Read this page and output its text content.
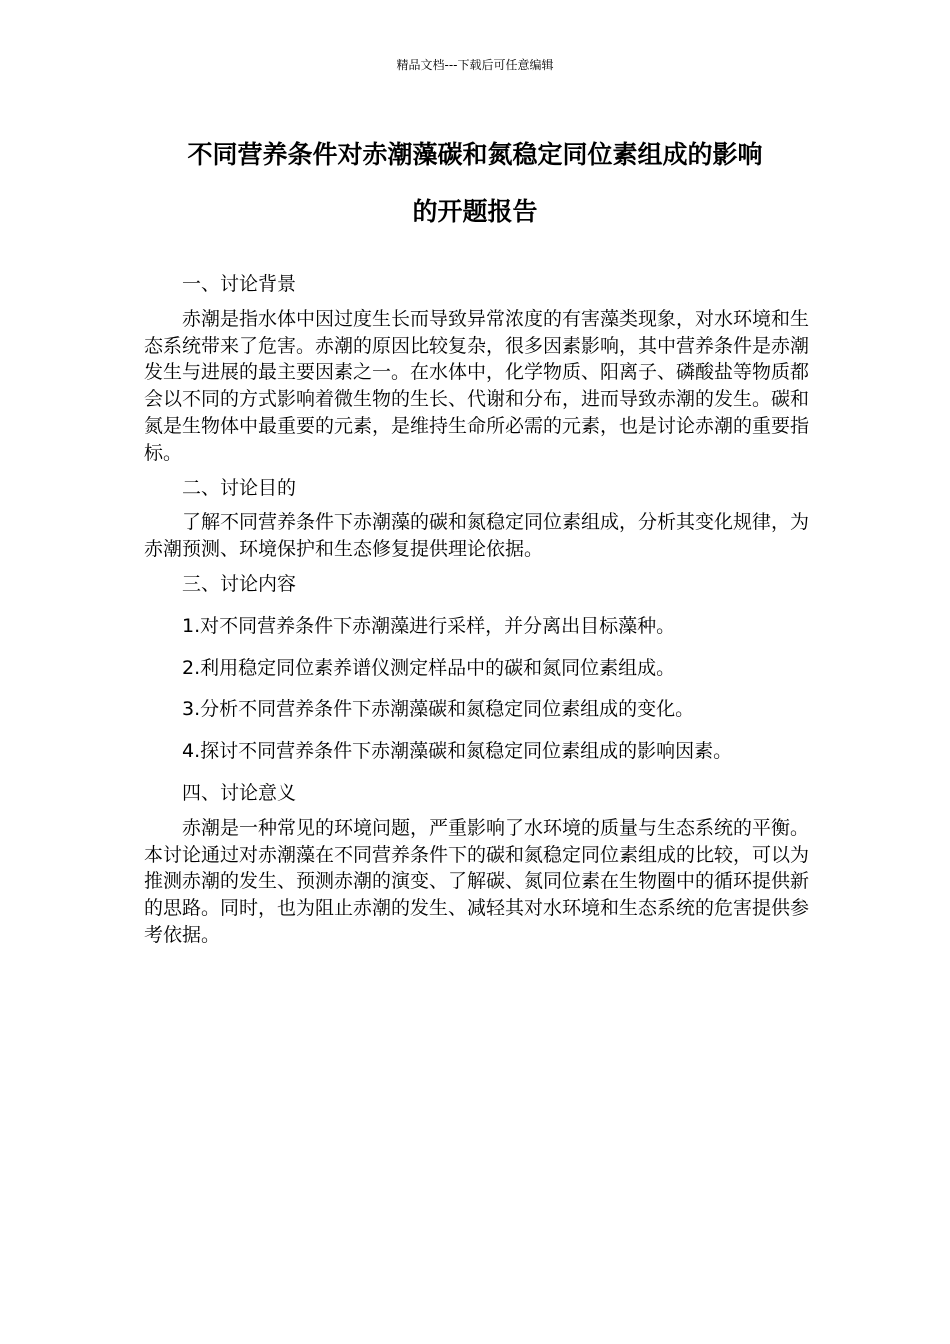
精品文档---下载后可任意编辑
不同营养条件对赤潮藻碳和氮稳定同位素组成的影响
的开题报告

一、讨论背景

赤潮是指水体中因过度生长而导致异常浓度的有害藻类现象，对水环境和生态系统带来了危害。赤潮的原因比较复杂，很多因素影响，其中营养条件是赤潮发生与进展的最主要因素之一。在水体中，化学物质、阳离子、磷酸盐等物质都会以不同的方式影响着微生物的生长、代谢和分布，进而导致赤潮的发生。碳和氮是生物体中最重要的元素，是维持生命所必需的元素，也是讨论赤潮的重要指标。

二、讨论目的

了解不同营养条件下赤潮藻的碳和氮稳定同位素组成，分析其变化规律，为赤潮预测、环境保护和生态修复提供理论依据。

三、讨论内容

1.对不同营养条件下赤潮藻进行采样，并分离出目标藻种。

2.利用稳定同位素养谱仪测定样品中的碳和氮同位素组成。

3.分析不同营养条件下赤潮藻碳和氮稳定同位素组成的变化。

4.探讨不同营养条件下赤潮藻碳和氮稳定同位素组成的影响因素。

四、讨论意义

赤潮是一种常见的环境问题，严重影响了水环境的质量与生态系统的平衡。本讨论通过对赤潮藻在不同营养条件下的碳和氮稳定同位素组成的比较，可以为推测赤潮的发生、预测赤潮的演变、了解碳、氮同位素在生物圈中的循环提供新的思路。同时，也为阻止赤潮的发生、减轻其对水环境和生态系统的危害提供参考依据。
